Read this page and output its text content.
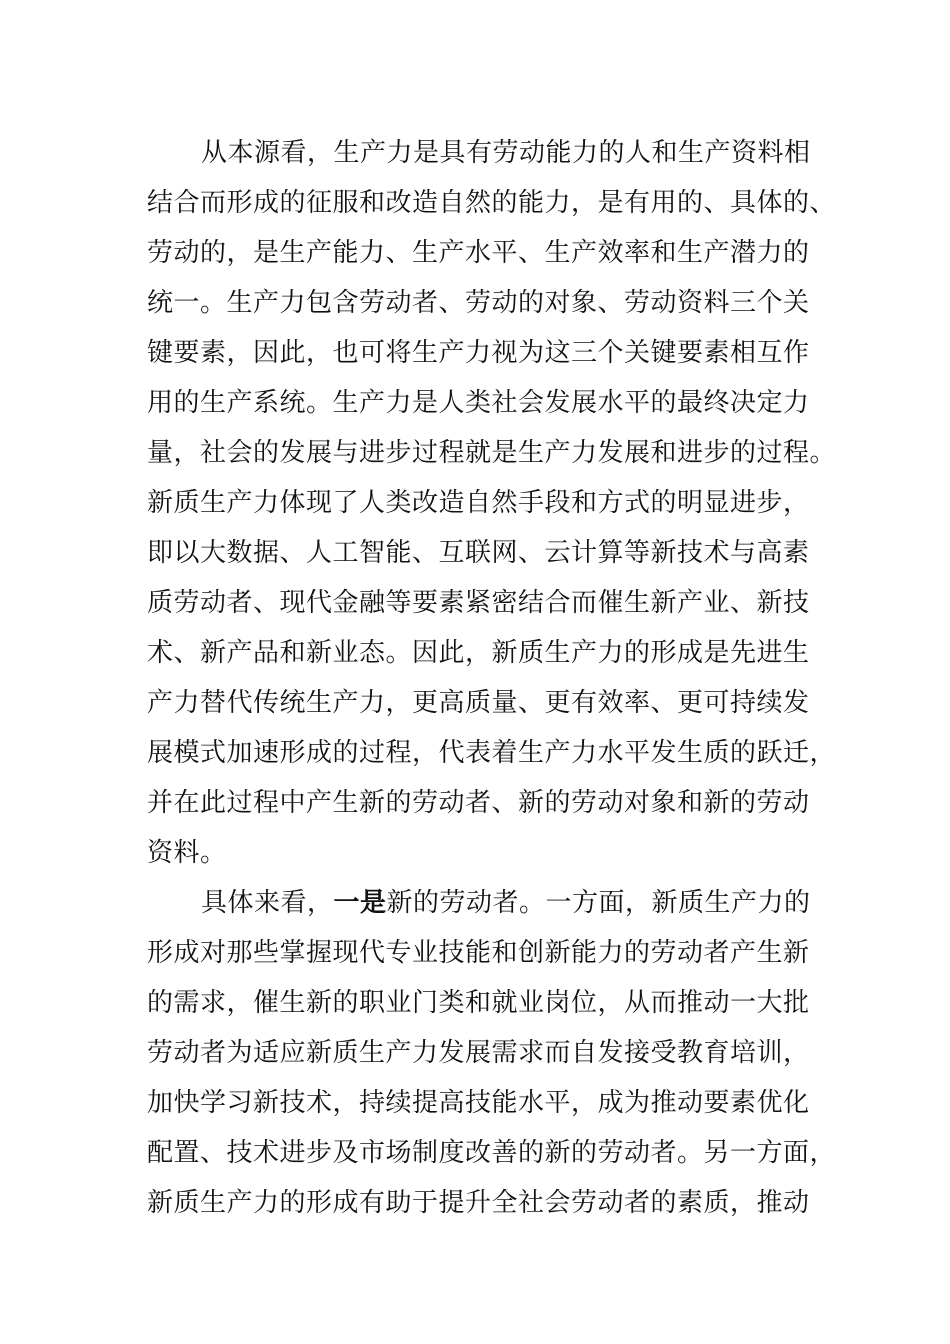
从本源看，生产力是具有劳动能力的人和生产资料相
结合而形成的征服和改造自然的能力，是有用的、具体的、
劳动的，是生产能力、生产水平、生产效率和生产潜力的
统一。生产力包含劳动者、劳动的对象、劳动资料三个关
键要素，因此，也可将生产力视为这三个关键要素相互作
用的生产系统。生产力是人类社会发展水平的最终决定力
量，社会的发展与进步过程就是生产力发展和进步的过程。
新质生产力体现了人类改造自然手段和方式的明显进步，
即以大数据、人工智能、互联网、云计算等新技术与高素
质劳动者、现代金融等要素紧密结合而催生新产业、新技
术、新产品和新业态。因此，新质生产力的形成是先进生
产力替代传统生产力，更高质量、更有效率、更可持续发
展模式加速形成的过程，代表着生产力水平发生质的跃迁，
并在此过程中产生新的劳动者、新的劳动对象和新的劳动
资料。
具体来看，一是新的劳动者。一方面，新质生产力的
形成对那些掌握现代专业技能和创新能力的劳动者产生新
的需求，催生新的职业门类和就业岗位，从而推动一大批
劳动者为适应新质生产力发展需求而自发接受教育培训，
加快学习新技术，持续提高技能水平，成为推动要素优化
配置、技术进步及市场制度改善的新的劳动者。另一方面，
新质生产力的形成有助于提升全社会劳动者的素质，推动
